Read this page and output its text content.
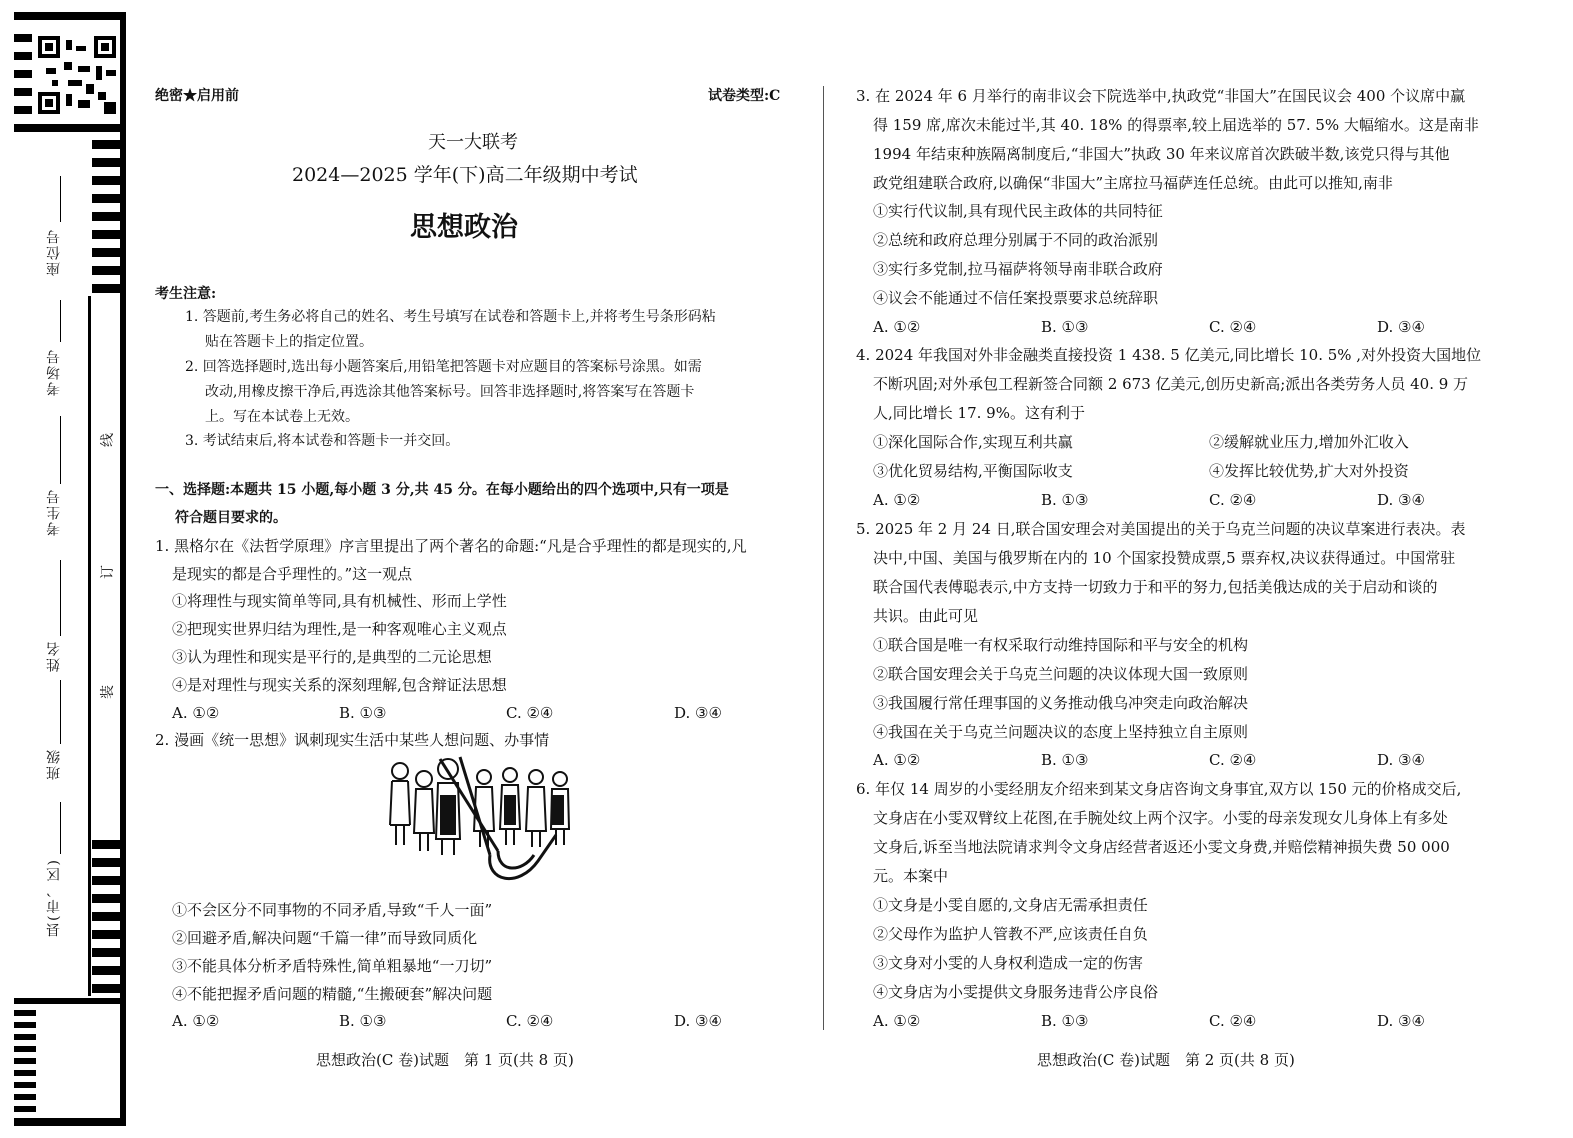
座位号
考场号
考生号
姓名
班级
县(市、区)
线
订
装
绝密★启用前	试卷类型:C
天一大联考
2024—2025 学年(下)高二年级期中考试
思想政治
考生注意:
1. 答题前,考生务必将自己的姓名、考生号填写在试卷和答题卡上,并将考生号条形码粘
贴在答题卡上的指定位置。
2. 回答选择题时,选出每小题答案后,用铅笔把答题卡对应题目的答案标号涂黑。如需
改动,用橡皮擦干净后,再选涂其他答案标号。回答非选择题时,将答案写在答题卡
上。写在本试卷上无效。
3. 考试结束后,将本试卷和答题卡一并交回。
一、选择题:本题共 15 小题,每小题 3 分,共 45 分。在每小题给出的四个选项中,只有一项是
符合题目要求的。
1. 黑格尔在《法哲学原理》序言里提出了两个著名的命题:“凡是合乎理性的都是现实的,凡
是现实的都是合乎理性的。”这一观点
①将理性与现实简单等同,具有机械性、形而上学性
②把现实世界归结为理性,是一种客观唯心主义观点
③认为理性和现实是平行的,是典型的二元论思想
④是对理性与现实关系的深刻理解,包含辩证法思想
A. ①②	B. ①③	C. ②④	D. ③④
2. 漫画《统一思想》讽刺现实生活中某些人想问题、办事情
①不会区分不同事物的不同矛盾,导致“千人一面”
②回避矛盾,解决问题“千篇一律”而导致同质化
③不能具体分析矛盾特殊性,简单粗暴地“一刀切”
④不能把握矛盾问题的精髓,“生搬硬套”解决问题
A. ①②	B. ①③	C. ②④	D. ③④
思想政治(C 卷)试题　第 1 页(共 8 页)
3. 在 2024 年 6 月举行的南非议会下院选举中,执政党“非国大”在国民议会 400 个议席中赢
得 159 席,席次未能过半,其 40. 18% 的得票率,较上届选举的 57. 5% 大幅缩水。这是南非
1994 年结束种族隔离制度后,“非国大”执政 30 年来议席首次跌破半数,该党只得与其他
政党组建联合政府,以确保“非国大”主席拉马福萨连任总统。由此可以推知,南非
①实行代议制,具有现代民主政体的共同特征
②总统和政府总理分别属于不同的政治派别
③实行多党制,拉马福萨将领导南非联合政府
④议会不能通过不信任案投票要求总统辞职
A. ①②	B. ①③	C. ②④	D. ③④
4. 2024 年我国对外非金融类直接投资 1 438. 5 亿美元,同比增长 10. 5% ,对外投资大国地位
不断巩固;对外承包工程新签合同额 2 673 亿美元,创历史新高;派出各类劳务人员 40. 9 万
人,同比增长 17. 9%。这有利于
①深化国际合作,实现互利共赢	②缓解就业压力,增加外汇收入
③优化贸易结构,平衡国际收支	④发挥比较优势,扩大对外投资
A. ①②	B. ①③	C. ②④	D. ③④
5. 2025 年 2 月 24 日,联合国安理会对美国提出的关于乌克兰问题的决议草案进行表决。表
决中,中国、美国与俄罗斯在内的 10 个国家投赞成票,5 票弃权,决议获得通过。中国常驻
联合国代表傅聪表示,中方支持一切致力于和平的努力,包括美俄达成的关于启动和谈的
共识。由此可见
①联合国是唯一有权采取行动维持国际和平与安全的机构
②联合国安理会关于乌克兰问题的决议体现大国一致原则
③我国履行常任理事国的义务推动俄乌冲突走向政治解决
④我国在关于乌克兰问题决议的态度上坚持独立自主原则
A. ①②	B. ①③	C. ②④	D. ③④
6. 年仅 14 周岁的小雯经朋友介绍来到某文身店咨询文身事宜,双方以 150 元的价格成交后,
文身店在小雯双臂纹上花图,在手腕处纹上两个汉字。小雯的母亲发现女儿身体上有多处
文身后,诉至当地法院请求判令文身店经营者返还小雯文身费,并赔偿精神损失费 50 000
元。本案中
①文身是小雯自愿的,文身店无需承担责任
②父母作为监护人管教不严,应该责任自负
③文身对小雯的人身权利造成一定的伤害
④文身店为小雯提供文身服务违背公序良俗
A. ①②	B. ①③	C. ②④	D. ③④
思想政治(C 卷)试题　第 2 页(共 8 页)
